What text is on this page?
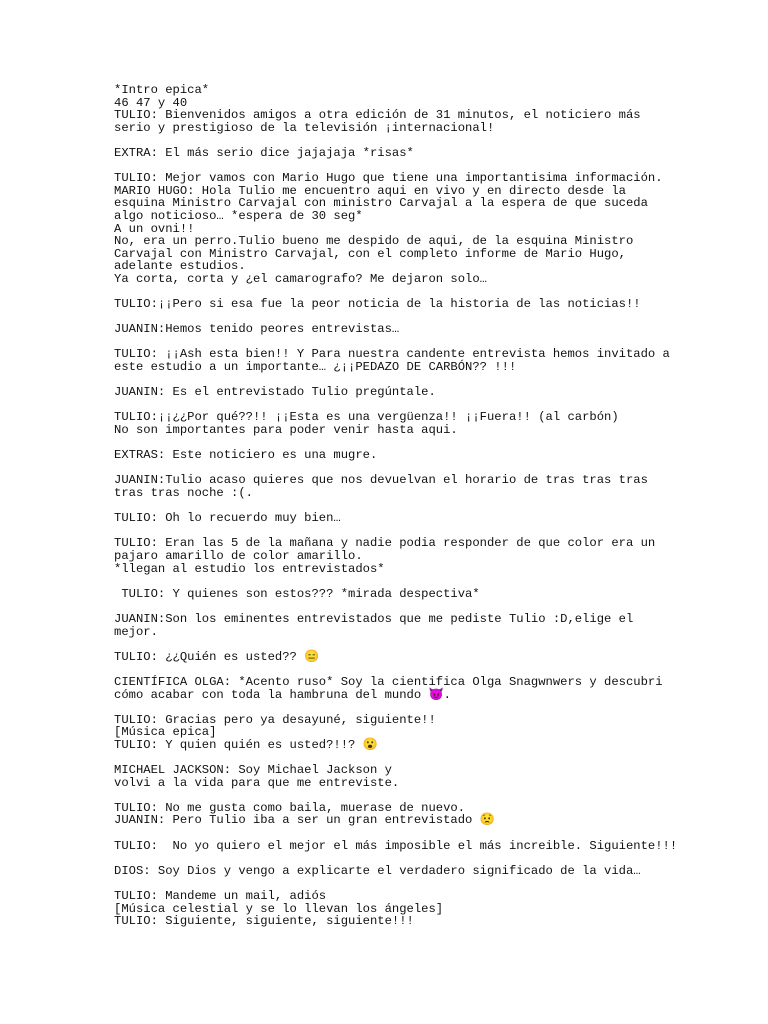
*Intro epica*
46 47 y 40
TULIO: Bienvenidos amigos a otra edición de 31 minutos, el noticiero más
serio y prestigioso de la televisión ¡internacional!
EXTRA: El más serio dice jajajaja *risas*
TULIO: Mejor vamos con Mario Hugo que tiene una importantisima información.
MARIO HUGO: Hola Tulio me encuentro aqui en vivo y en directo desde la
esquina Ministro Carvajal con ministro Carvajal a la espera de que suceda
algo noticioso… *espera de 30 seg*
A un ovni!!
No, era un perro.Tulio bueno me despido de aqui, de la esquina Ministro
Carvajal con Ministro Carvajal, con el completo informe de Mario Hugo,
adelante estudios.
Ya corta, corta y ¿el camarografo? Me dejaron solo…
TULIO:¡¡Pero si esa fue la peor noticia de la historia de las noticias!!
JUANIN:Hemos tenido peores entrevistas…
TULIO: ¡¡Ash esta bien!! Y Para nuestra candente entrevista hemos invitado a
este estudio a un importante… ¿¡¡PEDAZO DE CARBÓN?? !!!
JUANIN: Es el entrevistado Tulio pregúntale.
TULIO:¡¡¿¿Por qué??!! ¡¡Esta es una vergüenza!! ¡¡Fuera!! (al carbón)
No son importantes para poder venir hasta aqui.
EXTRAS: Este noticiero es una mugre.
JUANIN:Tulio acaso quieres que nos devuelvan el horario de tras tras tras
tras tras noche :(.
TULIO: Oh lo recuerdo muy bien…
TULIO: Eran las 5 de la mañana y nadie podia responder de que color era un
pajaro amarillo de color amarillo.
*llegan al estudio los entrevistados*
TULIO: Y quienes son estos??? *mirada despectiva*
JUANIN:Son los eminentes entrevistados que me pediste Tulio :D,elige el
mejor.
TULIO: ¿¿Quién es usted?? 😑
CIENTÍFICA OLGA: *Acento ruso* Soy la cientifica Olga Snagwnwers y descubri
cómo acabar con toda la hambruna del mundo 😈.
TULIO: Gracias pero ya desayuné, siguiente!!
[Música epica]
TULIO: Y quien quién es usted?!!? 😮
MICHAEL JACKSON: Soy Michael Jackson y
volvi a la vida para que me entreviste.
TULIO: No me gusta como baila, muerase de nuevo.
JUANIN: Pero Tulio iba a ser un gran entrevistado 😟
TULIO:  No yo quiero el mejor el más imposible el más increible. Siguiente!!!
DIOS: Soy Dios y vengo a explicarte el verdadero significado de la vida…
TULIO: Mandeme un mail, adiós
[Música celestial y se lo llevan los ángeles]
TULIO: Siguiente, siguiente, siguiente!!!
